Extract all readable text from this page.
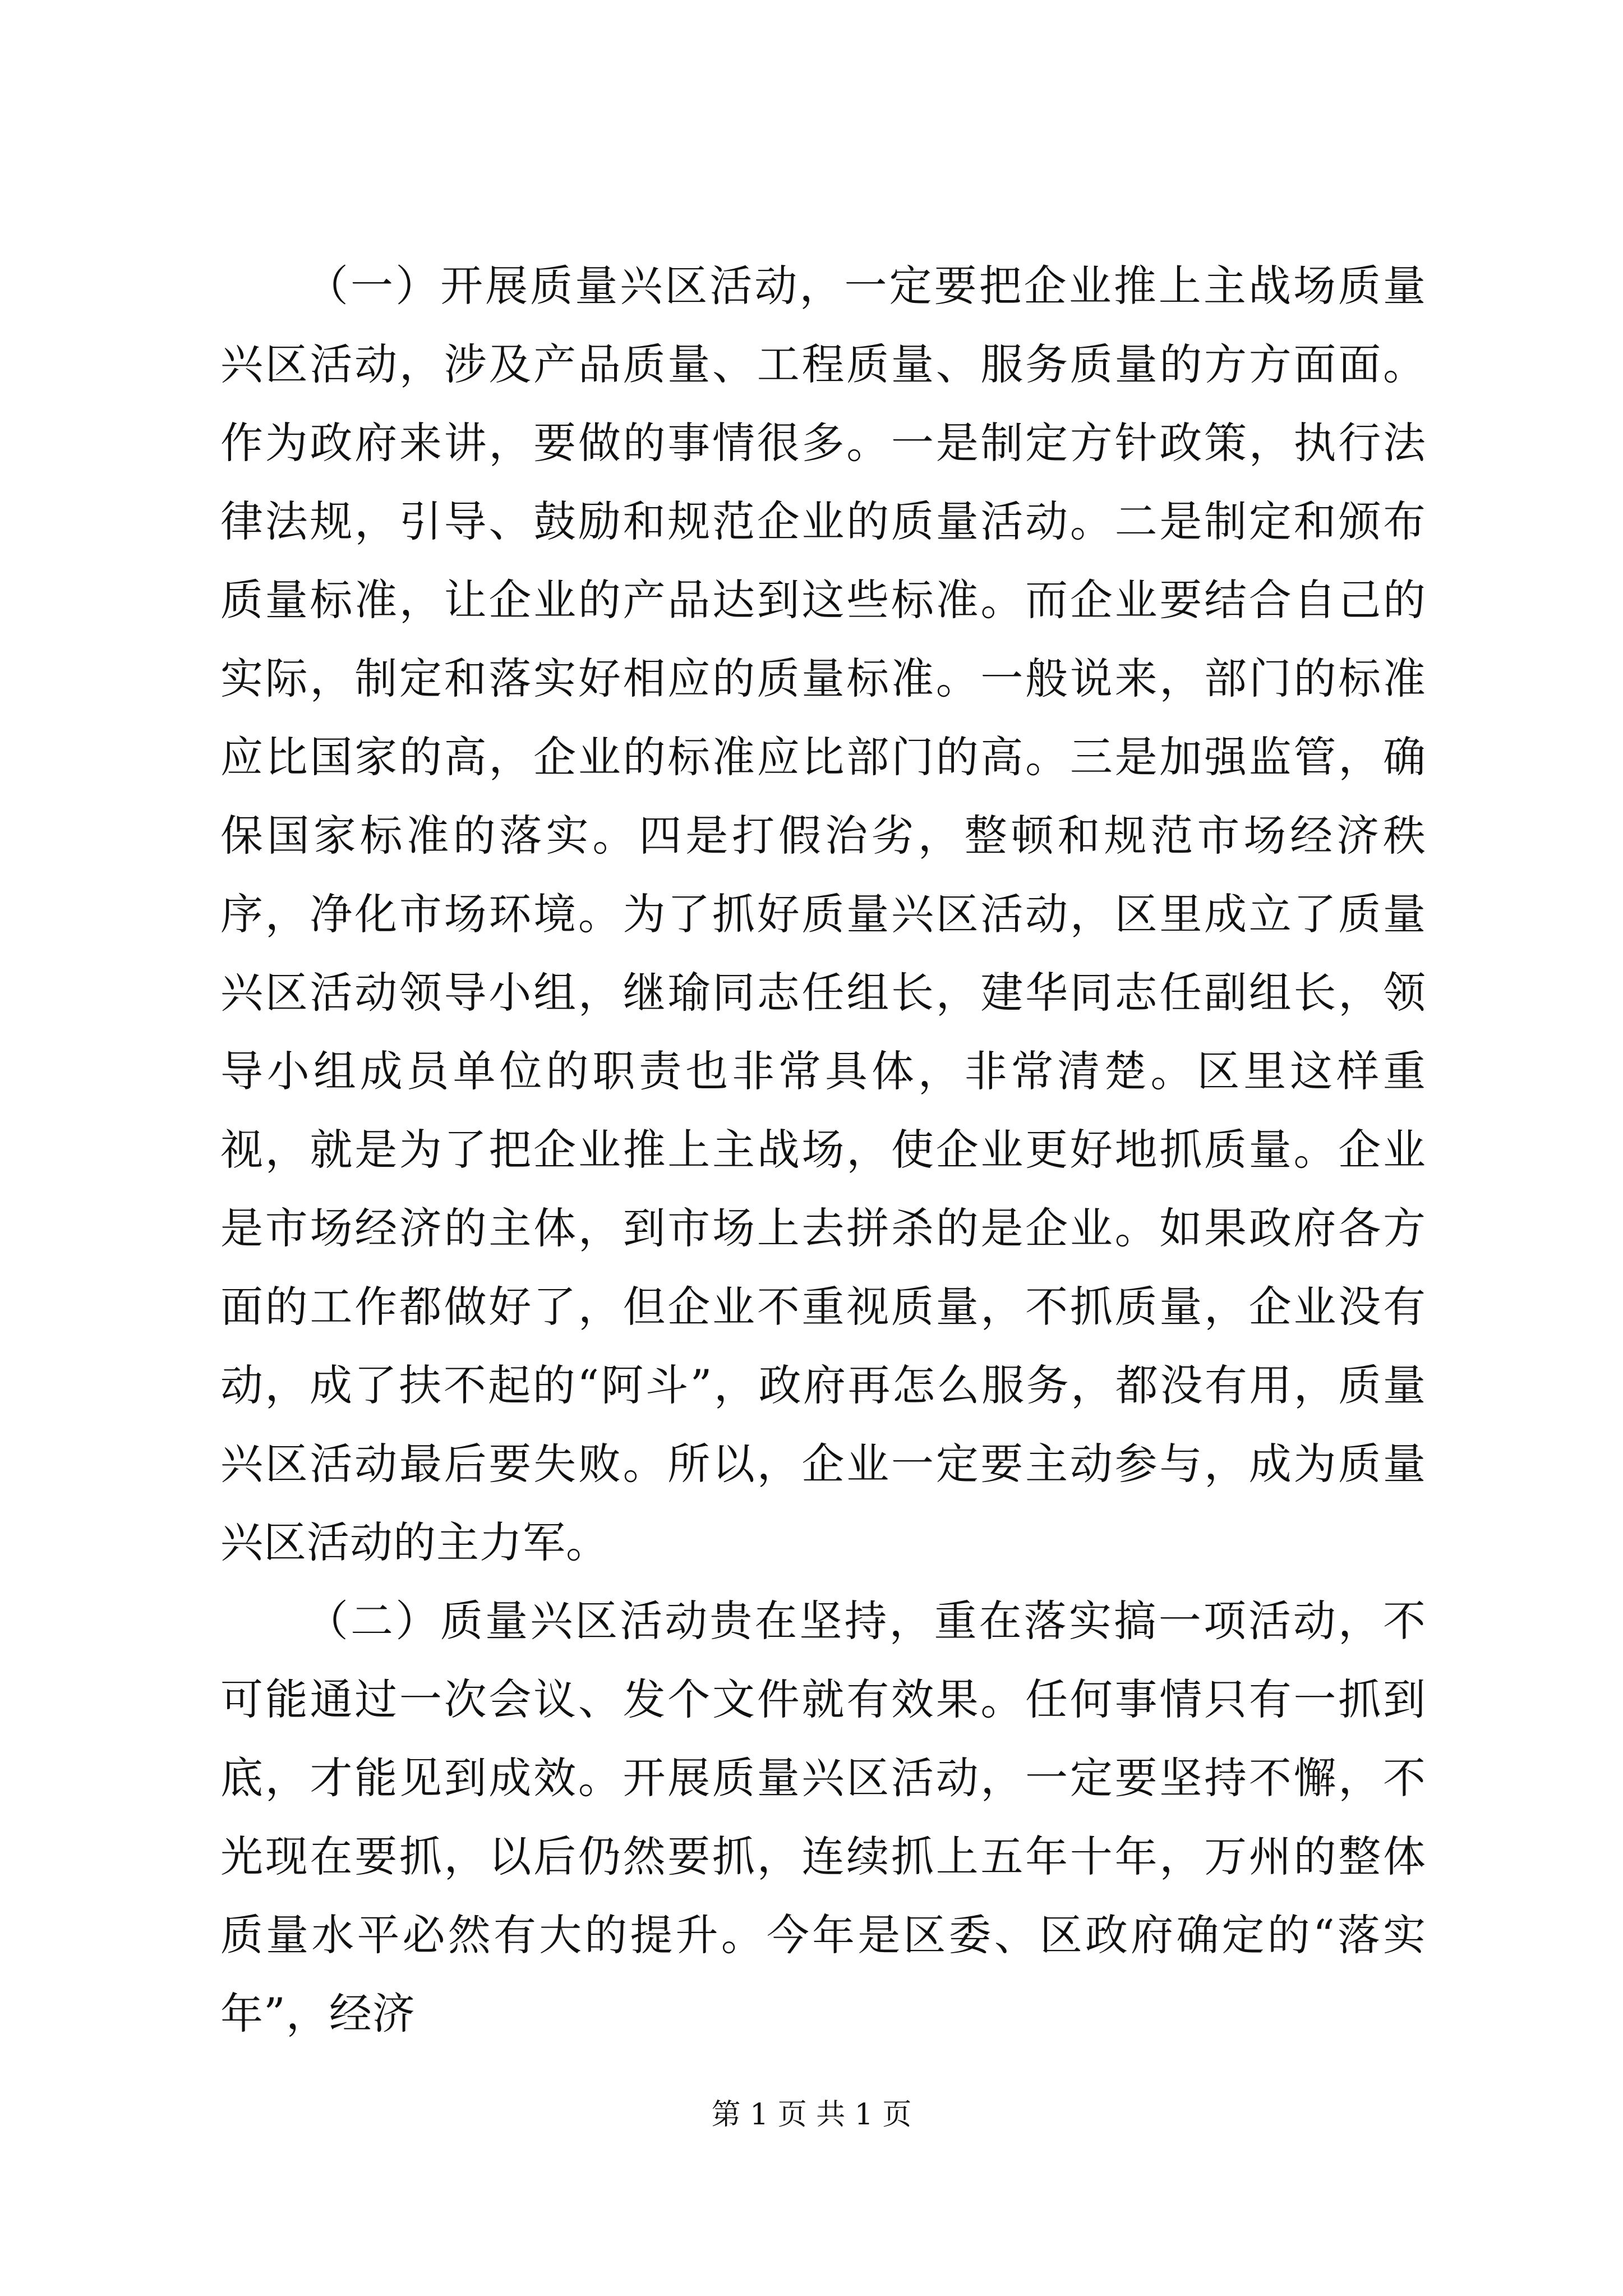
（一）开展质量兴区活动，一定要把企业推上主战场质量兴区活动，涉及产品质量、工程质量、服务质量的方方面面。作为政府来讲，要做的事情很多。一是制定方针政策，执行法律法规，引导、鼓励和规范企业的质量活动。二是制定和颁布质量标准，让企业的产品达到这些标准。而企业要结合自己的实际，制定和落实好相应的质量标准。一般说来，部门的标准应比国家的高，企业的标准应比部门的高。三是加强监管，确保国家标准的落实。四是打假治劣，整顿和规范市场经济秩序，净化市场环境。为了抓好质量兴区活动，区里成立了质量兴区活动领导小组，继瑜同志任组长，建华同志任副组长，领导小组成员单位的职责也非常具体，非常清楚。区里这样重视，就是为了把企业推上主战场，使企业更好地抓质量。企业是市场经济的主体，到市场上去拼杀的是企业。如果政府各方面的工作都做好了，但企业不重视质量，不抓质量，企业没有动，成了扶不起的“阿斗”，政府再怎么服务，都没有用，质量兴区活动最后要失败。所以，企业一定要主动参与，成为质量兴区活动的主力军。

（二）质量兴区活动贵在坚持，重在落实搞一项活动，不可能通过一次会议、发个文件就有效果。任何事情只有一抓到底，才能见到成效。开展质量兴区活动，一定要坚持不懈，不光现在要抓，以后仍然要抓，连续抓上五年十年，万州的整体质量水平必然有大的提升。今年是区委、区政府确定的“落实年”，经济

第 1 页 共 1 页
